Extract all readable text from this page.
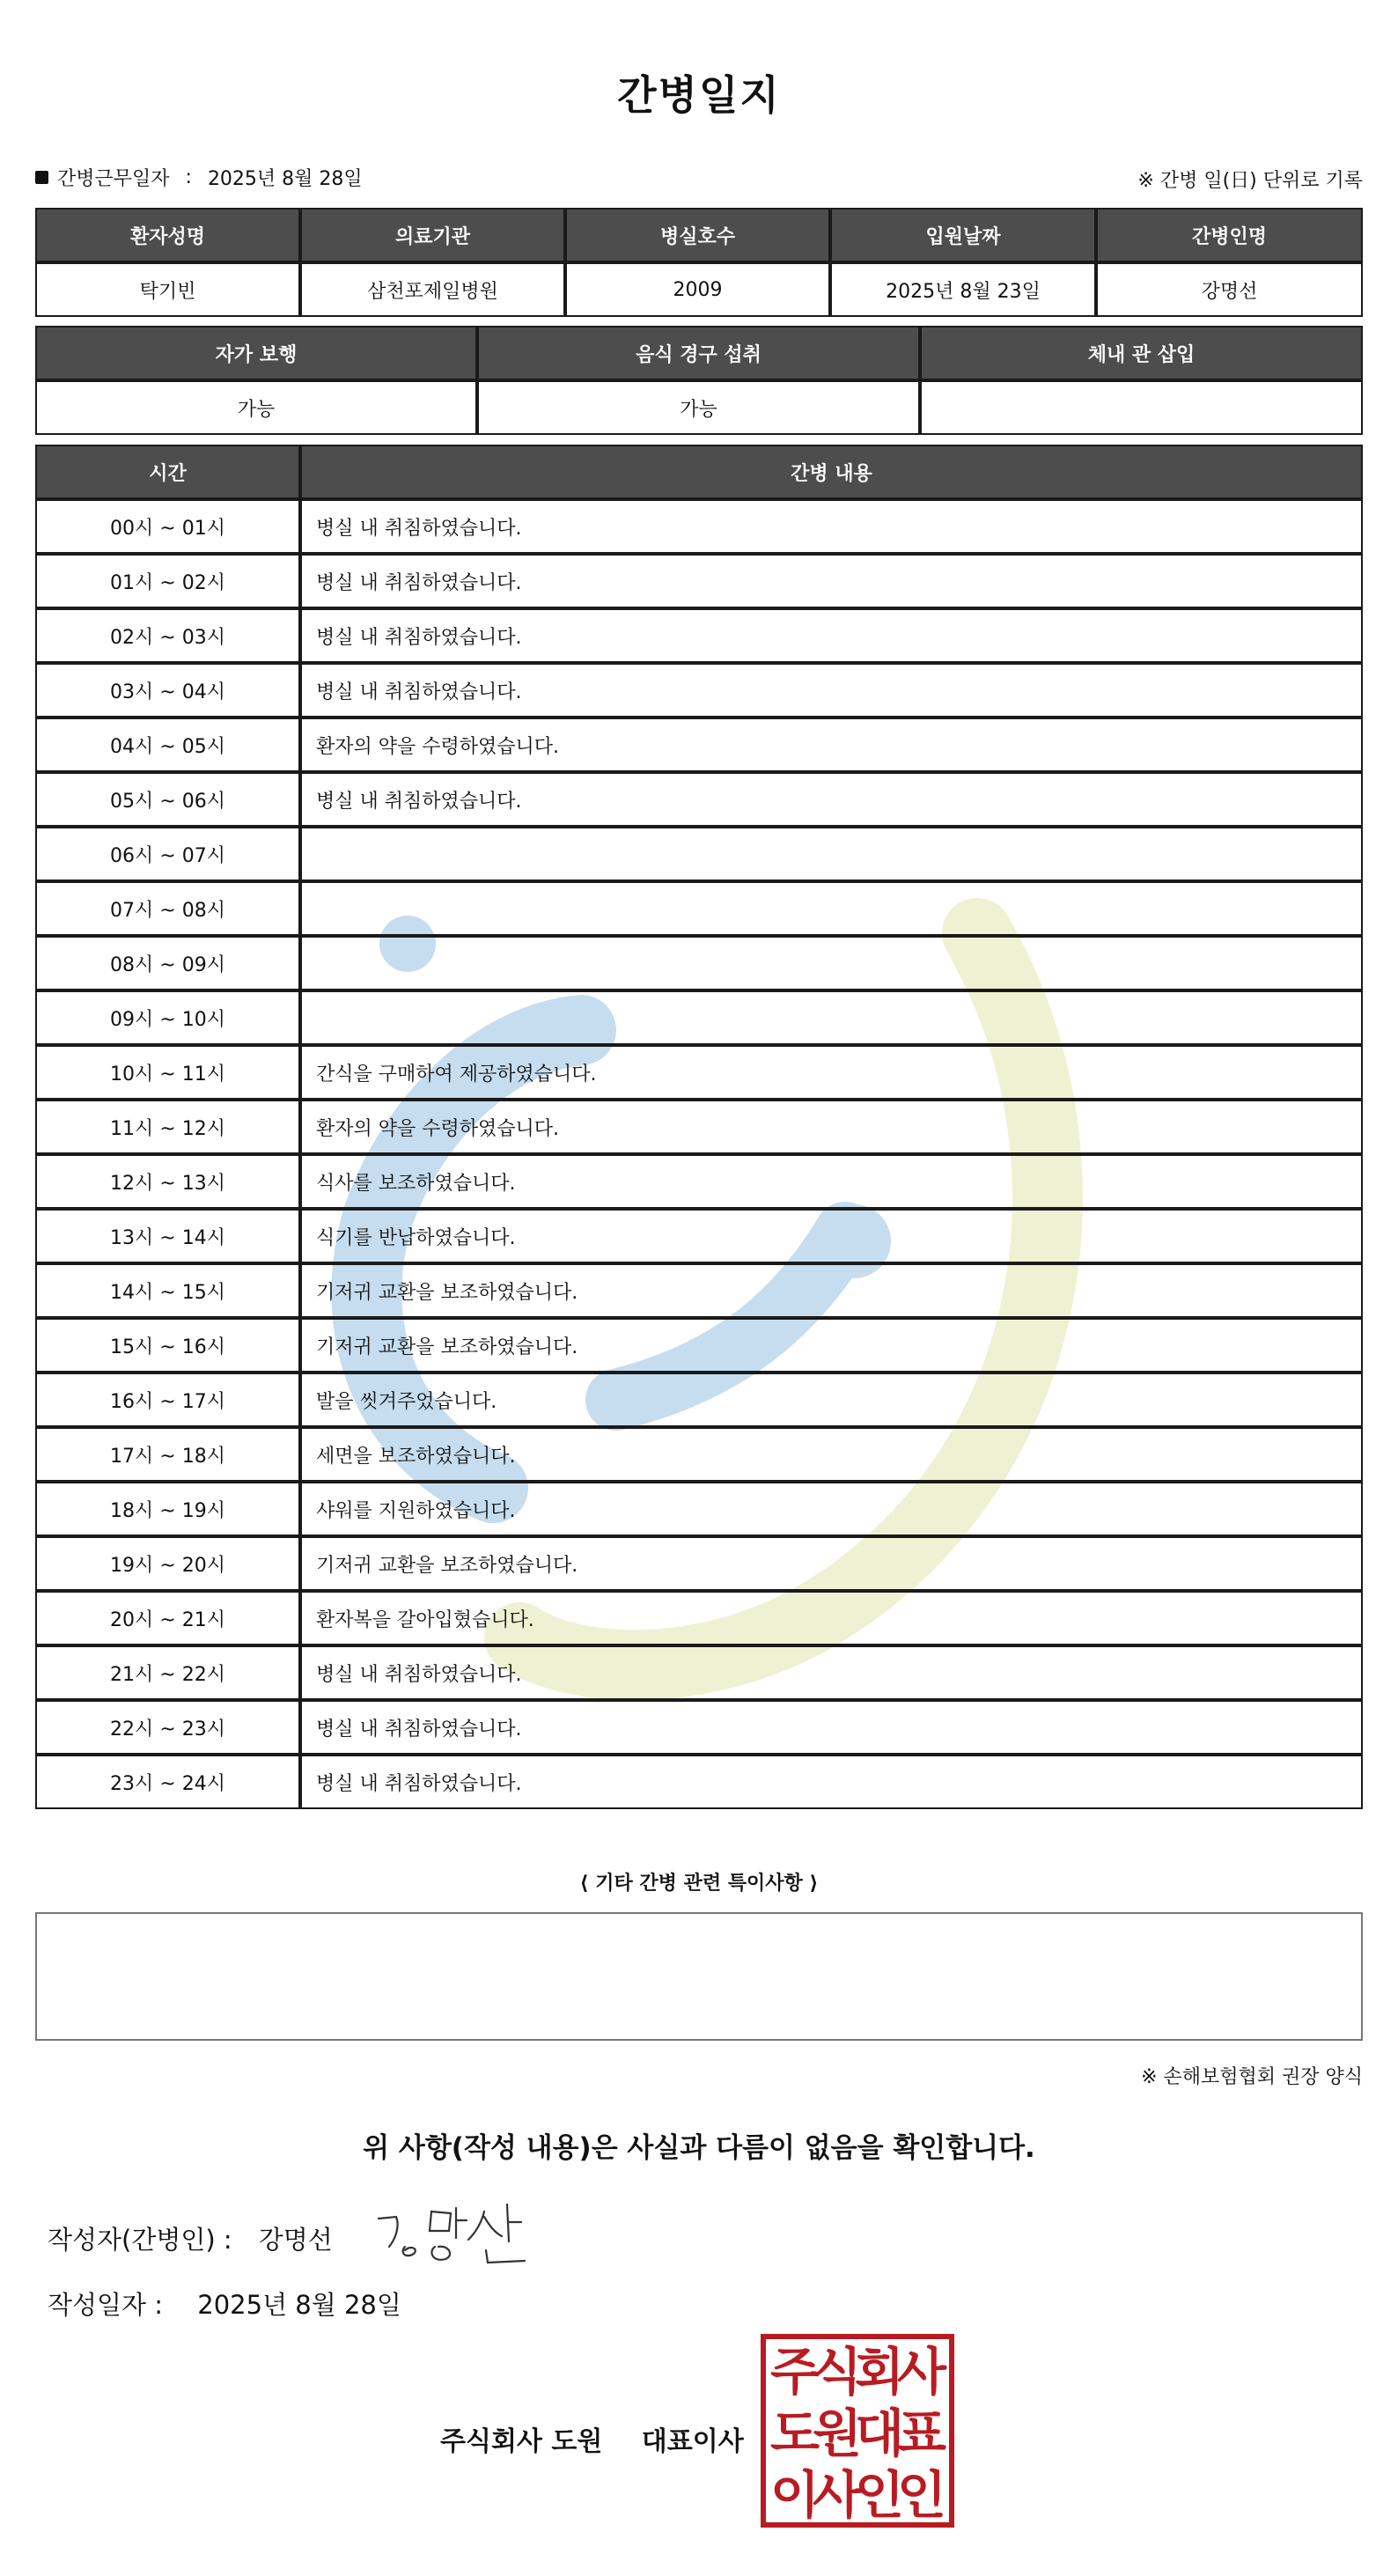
간병일지
간병근무일자 : 2025년 8월 28일	※ 간병 일(日) 단위로 기록
환자성명	의료기관	병실호수	입원날짜	간병인명
탁기빈	삼천포제일병원	2009	2025년 8월 23일	강명선
자가 보행	음식 경구 섭취	체내 관 삽입
가능	가능	
시간	간병 내용
00시 ~ 01시	병실 내 취침하였습니다.
01시 ~ 02시	병실 내 취침하였습니다.
02시 ~ 03시	병실 내 취침하였습니다.
03시 ~ 04시	병실 내 취침하였습니다.
04시 ~ 05시	환자의 약을 수령하였습니다.
05시 ~ 06시	병실 내 취침하였습니다.
06시 ~ 07시	
07시 ~ 08시	
08시 ~ 09시	
09시 ~ 10시	
10시 ~ 11시	간식을 구매하여 제공하였습니다.
11시 ~ 12시	환자의 약을 수령하였습니다.
12시 ~ 13시	식사를 보조하였습니다.
13시 ~ 14시	식기를 반납하였습니다.
14시 ~ 15시	기저귀 교환을 보조하였습니다.
15시 ~ 16시	기저귀 교환을 보조하였습니다.
16시 ~ 17시	발을 씻겨주었습니다.
17시 ~ 18시	세면을 보조하였습니다.
18시 ~ 19시	샤워를 지원하였습니다.
19시 ~ 20시	기저귀 교환을 보조하였습니다.
20시 ~ 21시	환자복을 갈아입혔습니다.
21시 ~ 22시	병실 내 취침하였습니다.
22시 ~ 23시	병실 내 취침하였습니다.
23시 ~ 24시	병실 내 취침하였습니다.
⟨ 기타 간병 관련 특이사항 ⟩
※ 손해보험협회 권장 양식
위 사항(작성 내용)은 사실과 다름이 없음을 확인합니다.
작성자(간병인) : 강명선
작성일자 : 2025년 8월 28일
주식회사 도원 대표이사
주
식
회
사
도
원
대
표
이
사
인
인
